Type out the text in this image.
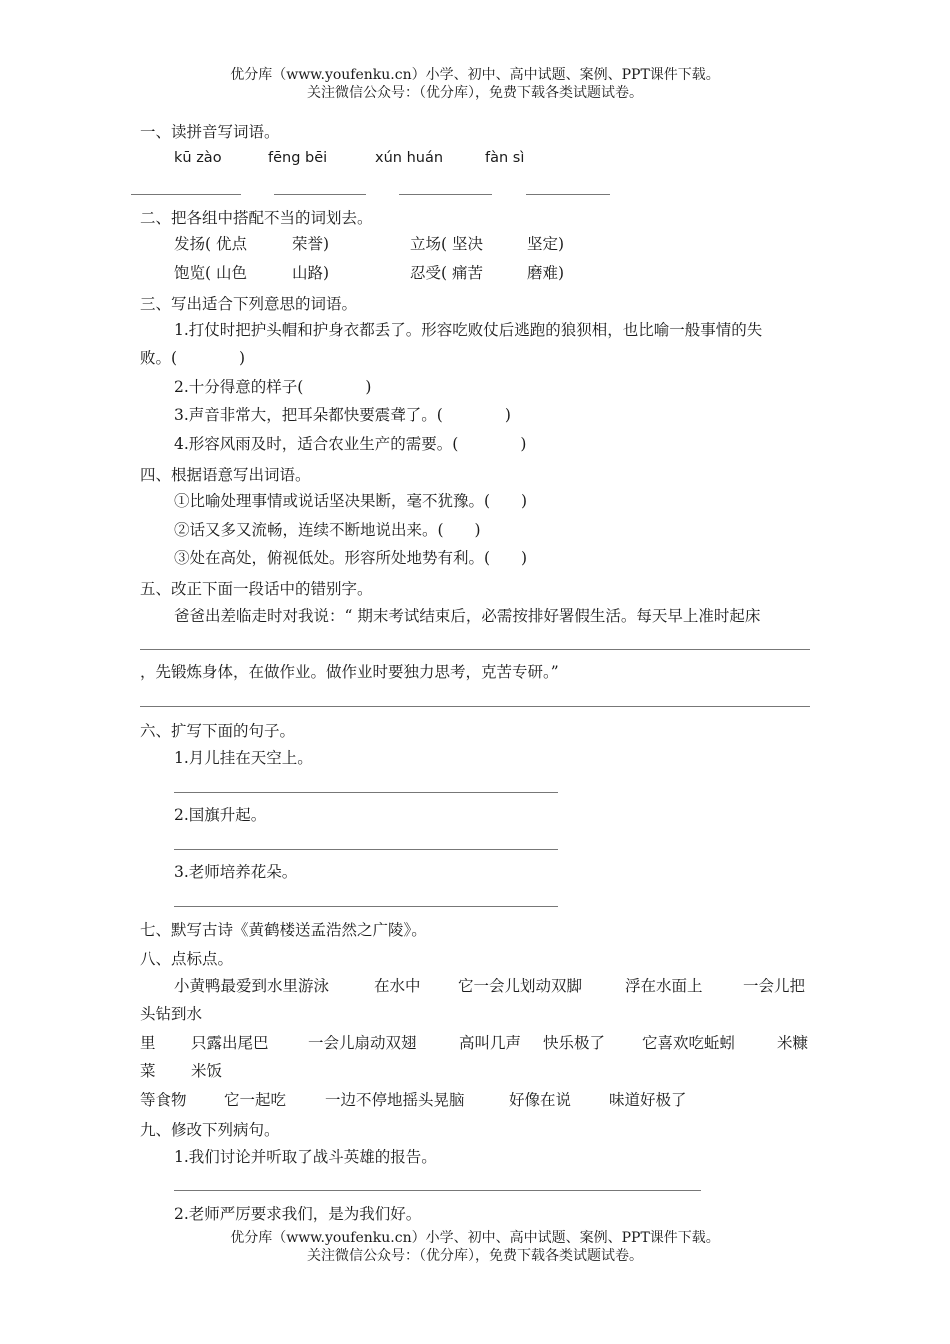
优分库（www.youfenku.cn）小学、初中、高中试题、案例、PPT课件下载。
关注微信公众号：（优分库），免费下载各类试题试卷。
一、读拼音写词语。
kū zào	fēng bēi	xún huán	fàn sì
二、把各组中搭配不当的词划去。
发扬( 优点	荣誉)	立场( 坚决	坚定)
饱览( 山色	山路)	忍受( 痛苦	磨难)
三、写出适合下列意思的词语。
1.打仗时把护头帽和护身衣都丢了。形容吃败仗后逃跑的狼狈相，也比喻一般事情的失
败。(　　　　)
2.十分得意的样子(　　　　)
3.声音非常大，把耳朵都快要震聋了。(　　　　)
4.形容风雨及时，适合农业生产的需要。(　　　　)
四、根据语意写出词语。
①比喻处理事情或说话坚决果断，毫不犹豫。(　　)
②话又多又流畅，连续不断地说出来。(　　)
③处在高处，俯视低处。形容所处地势有利。(　　)
五、改正下面一段话中的错别字。
爸爸出差临走时对我说：“ 期末考试结束后，必需按排好署假生活。每天早上准时起床
，先锻炼身体，在做作业。做作业时要独力思考，克苦专研。”
六、扩写下面的句子。
1.月儿挂在天空上。
2.国旗升起。
3.老师培养花朵。
七、默写古诗《黄鹤楼送孟浩然之广陵》。
八、点标点。
小黄鸭最爱到水里游泳	在水中 它一会儿划动双脚	浮在水面上	一会儿把
头钻到水
里 只露出尾巴	一会儿扇动双翅	高叫几声 快乐极了 它喜欢吃蚯蚓	米糠
菜 米饭
等食物 它一起吃	一边不停地摇头晃脑	好像在说 味道好极了
九、修改下列病句。
1.我们讨论并听取了战斗英雄的报告。
2.老师严厉要求我们，是为我们好。
优分库（www.youfenku.cn）小学、初中、高中试题、案例、PPT课件下载。
关注微信公众号：（优分库），免费下载各类试题试卷。
